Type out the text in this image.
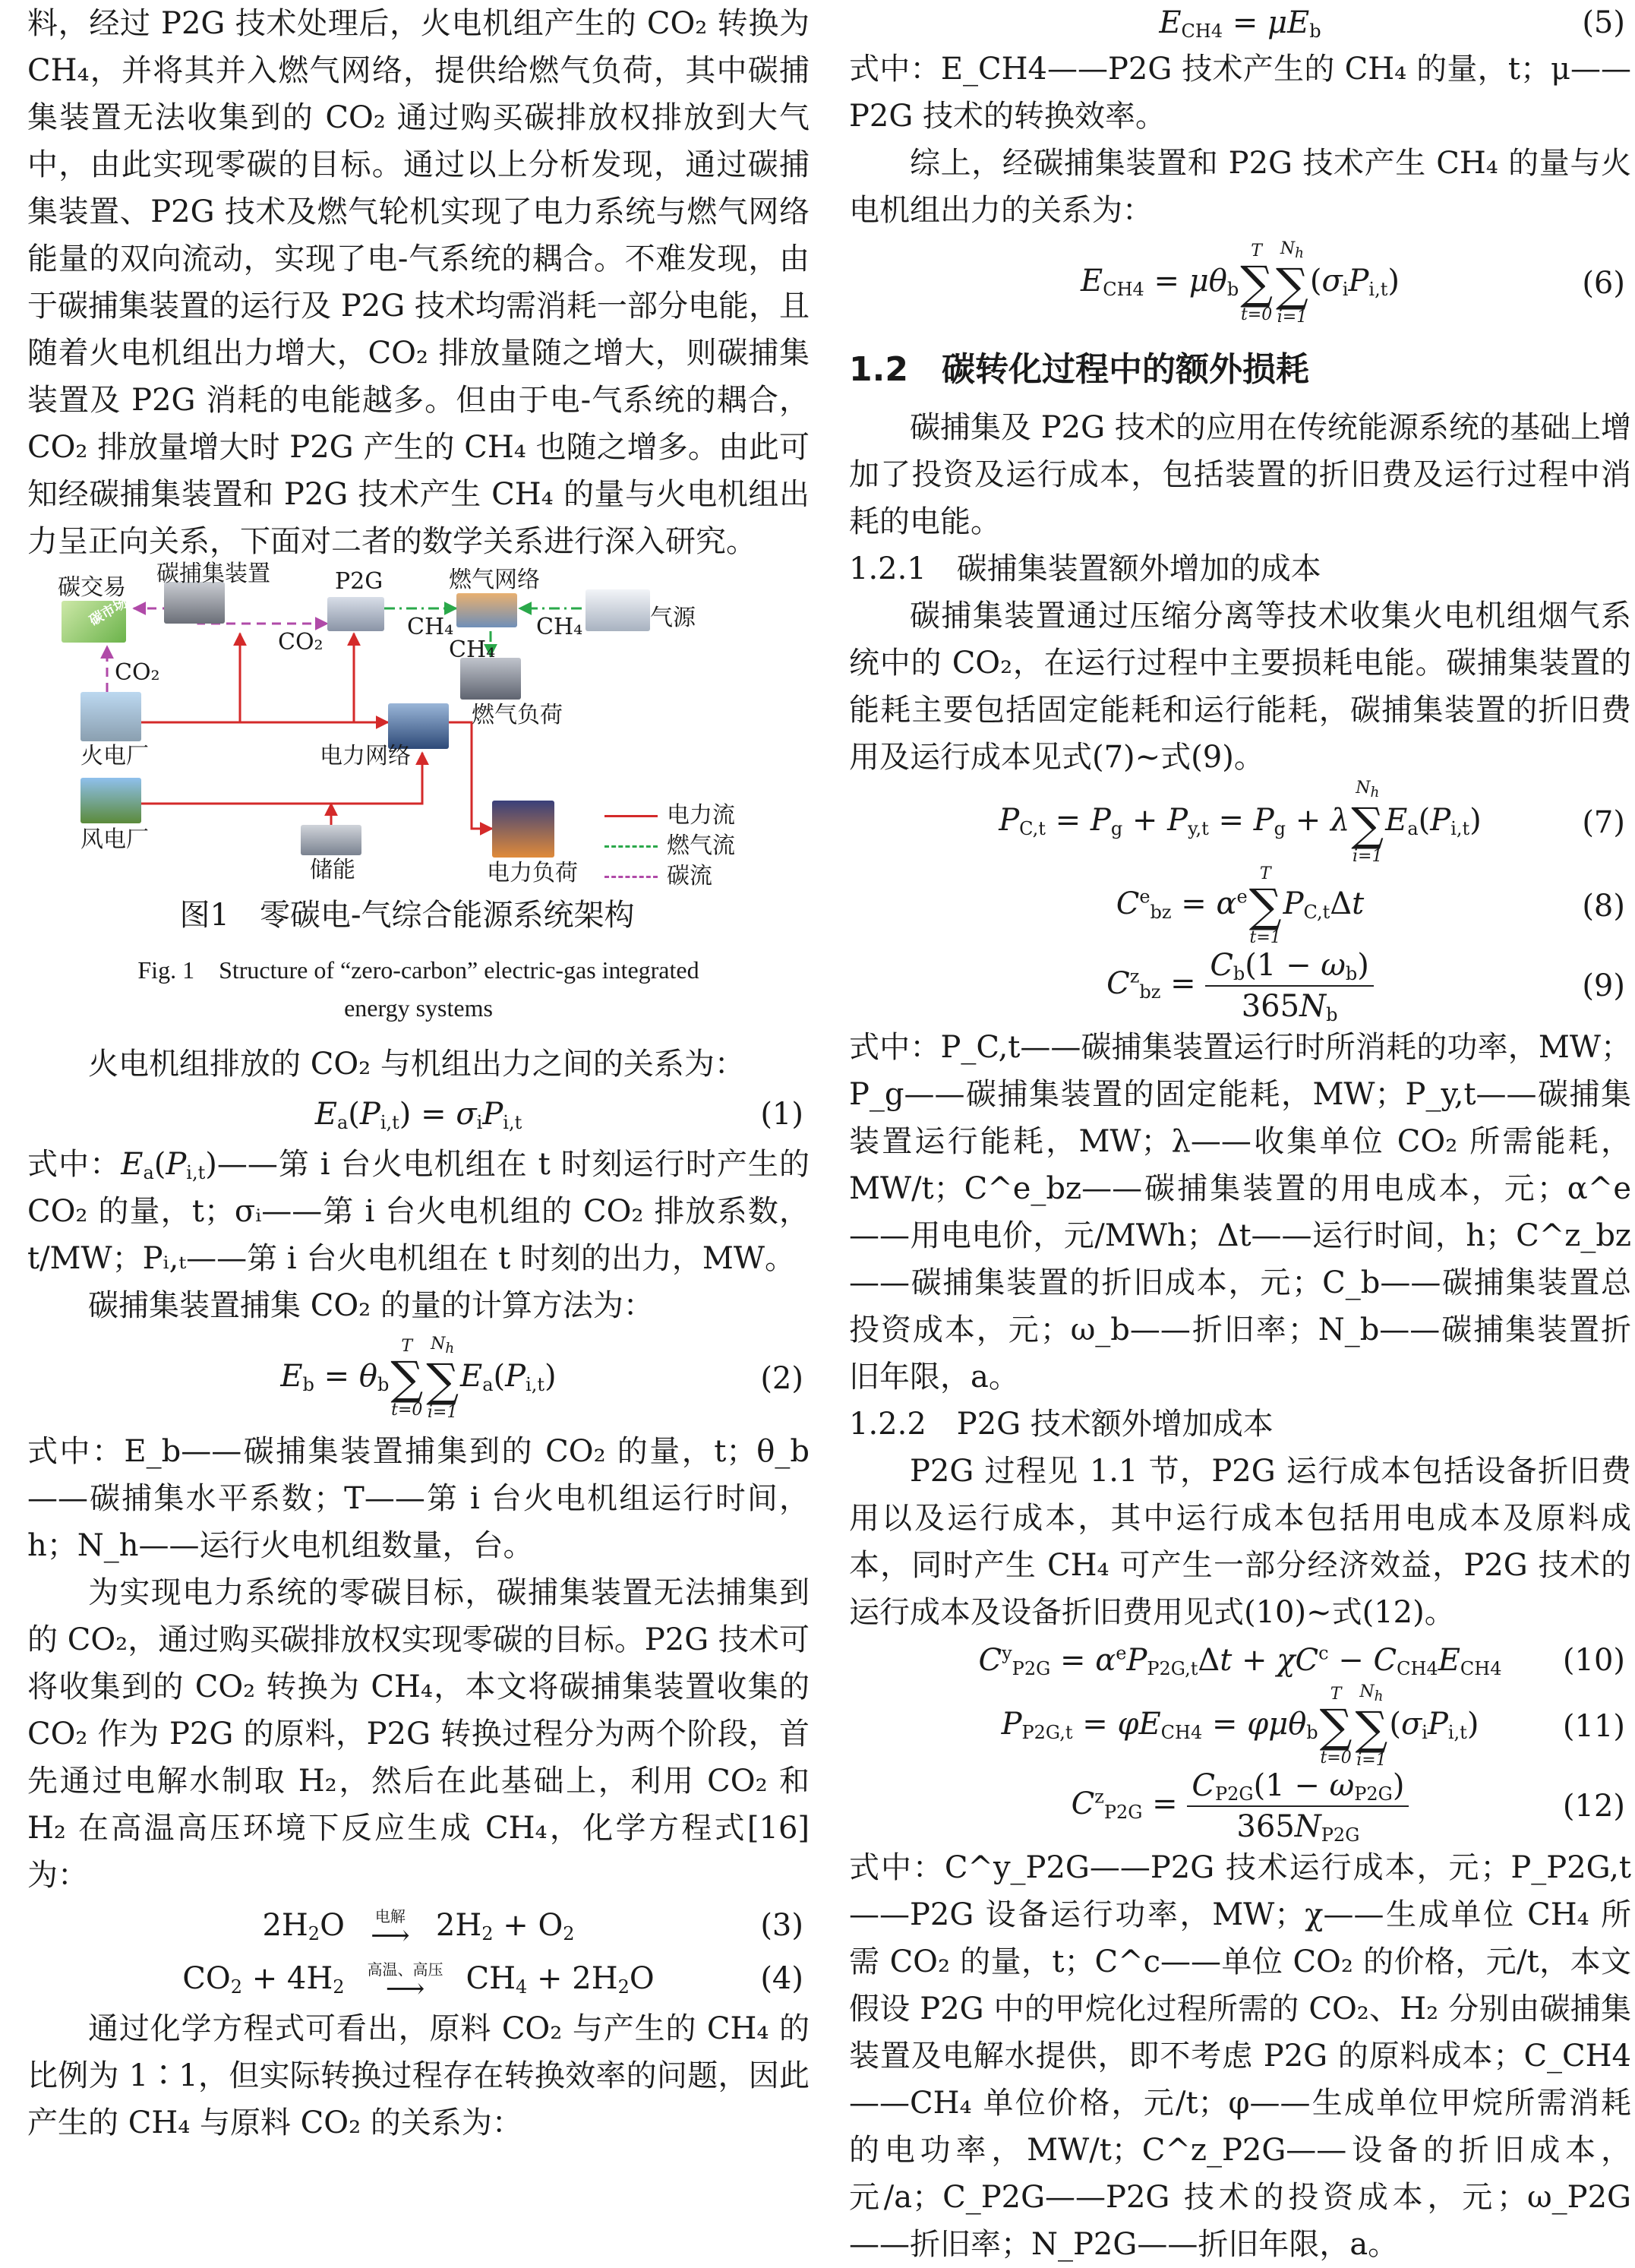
料，经过 P2G 技术处理后，火电机组产生的 CO₂ 转换为 CH₄，并将其并入燃气网络，提供给燃气负荷，其中碳捕集装置无法收集到的 CO₂ 通过购买碳排放权排放到大气中，由此实现零碳的目标。通过以上分析发现，通过碳捕集装置、P2G 技术及燃气轮机实现了电力系统与燃气网络能量的双向流动，实现了电-气系统的耦合。不难发现，由于碳捕集装置的运行及 P2G 技术均需消耗一部分电能，且随着火电机组出力增大，CO₂ 排放量随之增大，则碳捕集装置及 P2G 消耗的电能越多。但由于电-气系统的耦合，CO₂ 排放量增大时 P2G 产生的 CH₄ 也随之增多。由此可知经碳捕集装置和 P2G 技术产生 CH₄ 的量与火电机组出力呈正向关系，下面对二者的数学关系进行深入研究。

碳市场
碳交易
碳捕集装置	P2G	燃气网络
气源
燃气负荷
火电厂	电力网络
风电厂
储能	电力负荷
CO₂
CO₂
CH₄
CH₄
CH₄
电力流
燃气流
碳流

图1　零碳电-气综合能源系统架构

Fig. 1　Structure of “zero-carbon” electric-gas integrated

energy systems

火电机组排放的 CO₂ 与机组出力之间的关系为：

$E_a(P_{i,t}) = \sigma_iP_{i,t}$	(1)

式中：$E_a(P_{i,t})——$第 i 台火电机组在 t 时刻运行时产生的 CO₂ 的量，t；σᵢ——第 i 台火电机组的 CO₂ 排放系数，t/MW；Pᵢ,ₜ——第 i 台火电机组在 t 时刻的出力，MW。

碳捕集装置捕集 CO₂ 的量的计算方法为：

$E_b = \theta_b$
T
∑
t=0
$N_h$
∑
i=1
$E_a(P_{i,t})$	(2)

式中：E_b——碳捕集装置捕集到的 CO₂ 的量，t；θ_b——碳捕集水平系数；T——第 i 台火电机组运行时间，h；N_h——运行火电机组数量，台。

为实现电力系统的零碳目标，碳捕集装置无法捕集到的 CO₂，通过购买碳排放权实现零碳的目标。P2G 技术可将收集到的 CO₂ 转换为 CH₄，本文将碳捕集装置收集的 CO₂ 作为 P2G 的原料，P2G 转换过程分为两个阶段，首先通过电解水制取 H₂，然后在此基础上，利用 CO₂ 和 H₂ 在高温高压环境下反应生成 CH₄，化学方程式[16]为：

$2H_2O$	电解
⟶ $2H_2 + O_2$	(3)
$CO_2 + 4H_2$
高温、高压
⟶	$CH_4 + 2H_2O$	(4)

通过化学方程式可看出，原料 CO₂ 与产生的 CH₄ 的比例为 1∶1，但实际转换过程存在转换效率的问题，因此产生的 CH₄ 与原料 CO₂ 的关系为：

$E_{CH4} = \mu E_b$	(5)

式中：E_CH4——P2G 技术产生的 CH₄ 的量，t；μ——P2G 技术的转换效率。

综上，经碳捕集装置和 P2G 技术产生 CH₄ 的量与火电机组出力的关系为：

$E_{CH4} = \mu\theta_b$
T
∑
t=0
$N_h$
∑
i=1
$(\sigma_iP_{i,t})$	(6)
1.2　碳转化过程中的额外损耗

碳捕集及 P2G 技术的应用在传统能源系统的基础上增加了投资及运行成本，包括装置的折旧费及运行过程中消耗的电能。

1.2.1　碳捕集装置额外增加的成本

碳捕集装置通过压缩分离等技术收集火电机组烟气系统中的 CO₂，在运行过程中主要损耗电能。碳捕集装置的能耗主要包括固定能耗和运行能耗，碳捕集装置的折旧费用及运行成本见式(7)~式(9)。

$P_{C,t} = P_g + P_{y,t} = P_g + \lambda$
$N_h$
∑
i=1
$E_a(P_{i,t})$	(7)
$C^e_{bz} = \alpha^e$
T
∑
t=1
$P_{C,t}\Delta t$	(8)
$C^z_{bz} = \frac{C_b(1 - \omega_b)}{365N_b}$	(9)

式中：P_C,t——碳捕集装置运行时所消耗的功率，MW；P_g——碳捕集装置的固定能耗，MW；P_y,t——碳捕集装置运行能耗，MW；λ——收集单位 CO₂ 所需能耗，MW/t；C^e_bz——碳捕集装置的用电成本，元；α^e——用电电价，元/MWh；Δt——运行时间，h；C^z_bz——碳捕集装置的折旧成本，元；C_b——碳捕集装置总投资成本，元；ω_b——折旧率；N_b——碳捕集装置折旧年限，a。

1.2.2　P2G 技术额外增加成本

P2G 过程见 1.1 节，P2G 运行成本包括设备折旧费用以及运行成本，其中运行成本包括用电成本及原料成本，同时产生 CH₄ 可产生一部分经济效益，P2G 技术的运行成本及设备折旧费用见式(10)~式(12)。

$C^y_{P2G} = \alpha^eP_{P2G,t}\Delta t + \chi C^c - C_{CH4}E_{CH4}$	(10)
$P_{P2G,t} = \varphi E_{CH4} = \varphi\mu\theta_b$
T
∑
t=0
$N_h$
∑
i=1
$(\sigma_iP_{i,t})$	(11)
$C^z_{P2G} = \frac{C_{P2G}(1 - \omega_{P2G})}{365N_{P2G}}$	(12)

式中：C^y_P2G——P2G 技术运行成本，元；P_P2G,t——P2G 设备运行功率，MW；χ——生成单位 CH₄ 所需 CO₂ 的量，t；C^c——单位 CO₂ 的价格，元/t，本文假设 P2G 中的甲烷化过程所需的 CO₂、H₂ 分别由碳捕集装置及电解水提供，即不考虑 P2G 的原料成本；C_CH4——CH₄ 单位价格，元/t；φ——生成单位甲烷所需消耗的电功率，MW/t；C^z_P2G——设备的折旧成本，元/a；C_P2G——P2G 技术的投资成本，元；ω_P2G——折旧率；N_P2G——折旧年限，a。
